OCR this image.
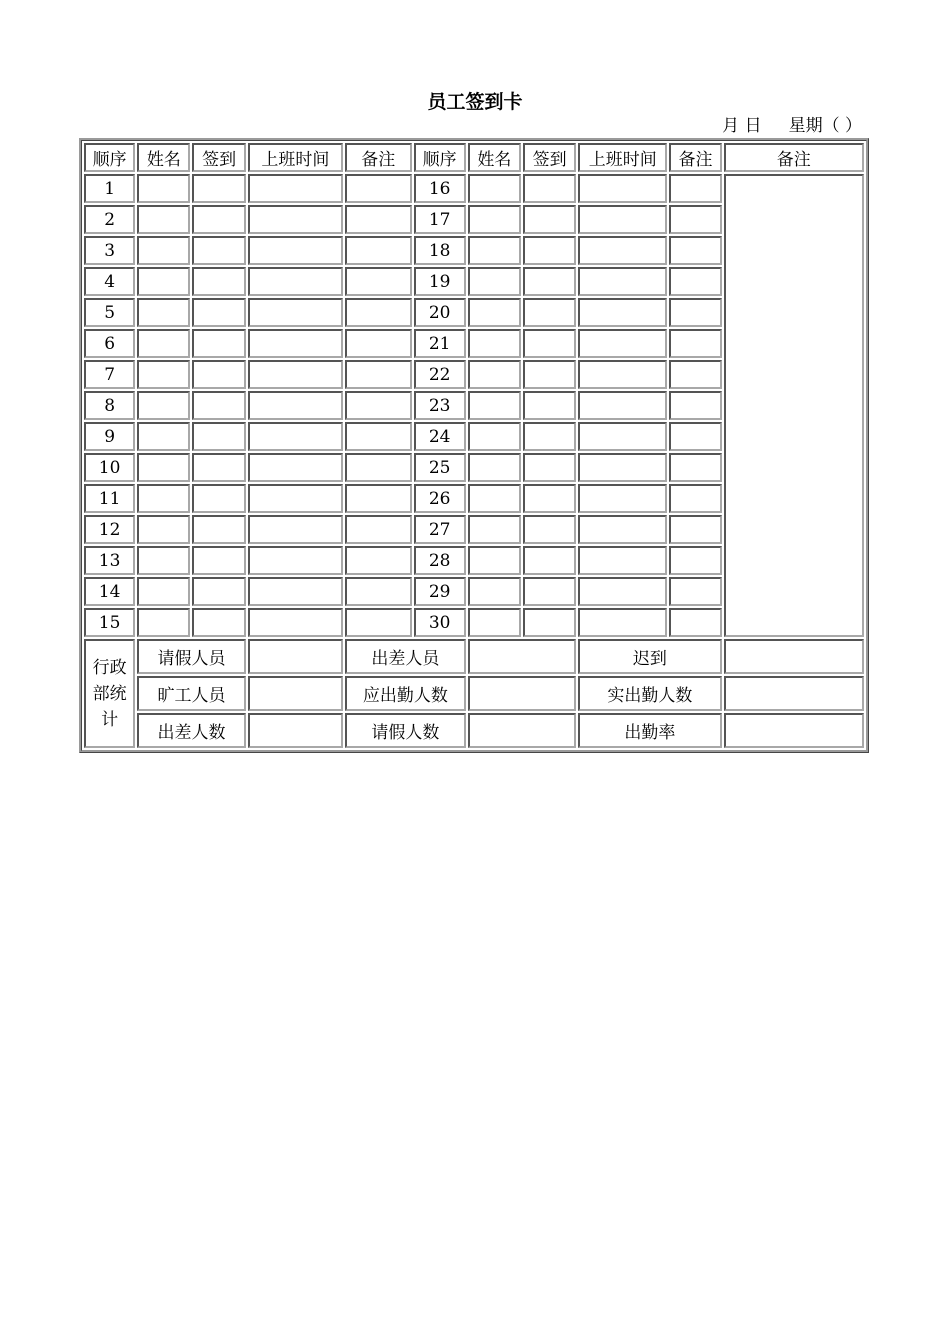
员工签到卡
月 日     星期（ ）
顺序	姓名	签到	上班时间	备注	顺序	姓名	签到	上班时间	备注	备注
1					16					
2					17					
3					18					
4					19					
5					20					
6					21					
7					22					
8					23					
9					24					
10					25					
11					26					
12					27					
13					28					
14					29					
15					30					
行政部统计	请假人员			出差人员				迟到		
	旷工人员			应出勤人数				实出勤人数		
	出差人数			请假人数				出勤率		
